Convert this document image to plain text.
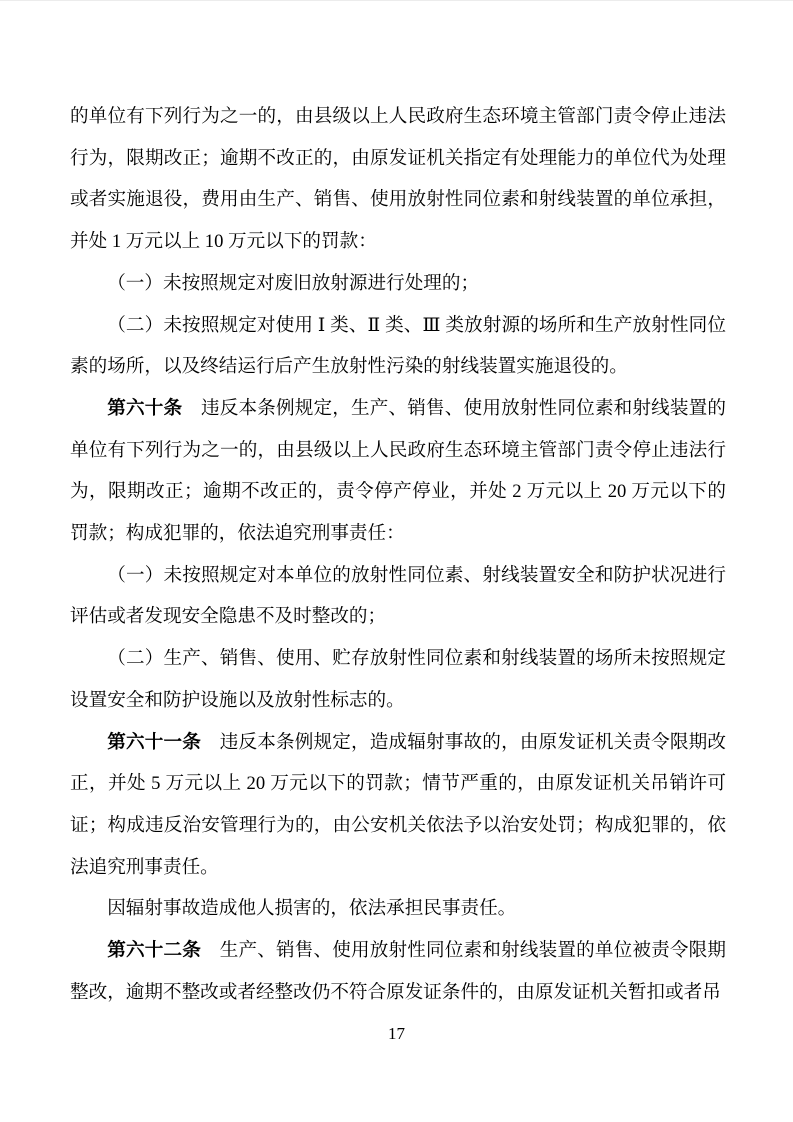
的单位有下列行为之一的，由县级以上人民政府生态环境主管部门责令停止违法行为，限期改正；逾期不改正的，由原发证机关指定有处理能力的单位代为处理或者实施退役，费用由生产、销售、使用放射性同位素和射线装置的单位承担，并处 1 万元以上 10 万元以下的罚款：

（一）未按照规定对废旧放射源进行处理的；

（二）未按照规定对使用 Ⅰ 类、Ⅱ 类、Ⅲ 类放射源的场所和生产放射性同位素的场所，以及终结运行后产生放射性污染的射线装置实施退役的。

第六十条　违反本条例规定，生产、销售、使用放射性同位素和射线装置的单位有下列行为之一的，由县级以上人民政府生态环境主管部门责令停止违法行为，限期改正；逾期不改正的，责令停产停业，并处 2 万元以上 20 万元以下的罚款；构成犯罪的，依法追究刑事责任：

（一）未按照规定对本单位的放射性同位素、射线装置安全和防护状况进行评估或者发现安全隐患不及时整改的；

（二）生产、销售、使用、贮存放射性同位素和射线装置的场所未按照规定设置安全和防护设施以及放射性标志的。

第六十一条　违反本条例规定，造成辐射事故的，由原发证机关责令限期改正，并处 5 万元以上 20 万元以下的罚款；情节严重的，由原发证机关吊销许可证；构成违反治安管理行为的，由公安机关依法予以治安处罚；构成犯罪的，依法追究刑事责任。

因辐射事故造成他人损害的，依法承担民事责任。

第六十二条　生产、销售、使用放射性同位素和射线装置的单位被责令限期整改，逾期不整改或者经整改仍不符合原发证条件的，由原发证机关暂扣或者吊

17
